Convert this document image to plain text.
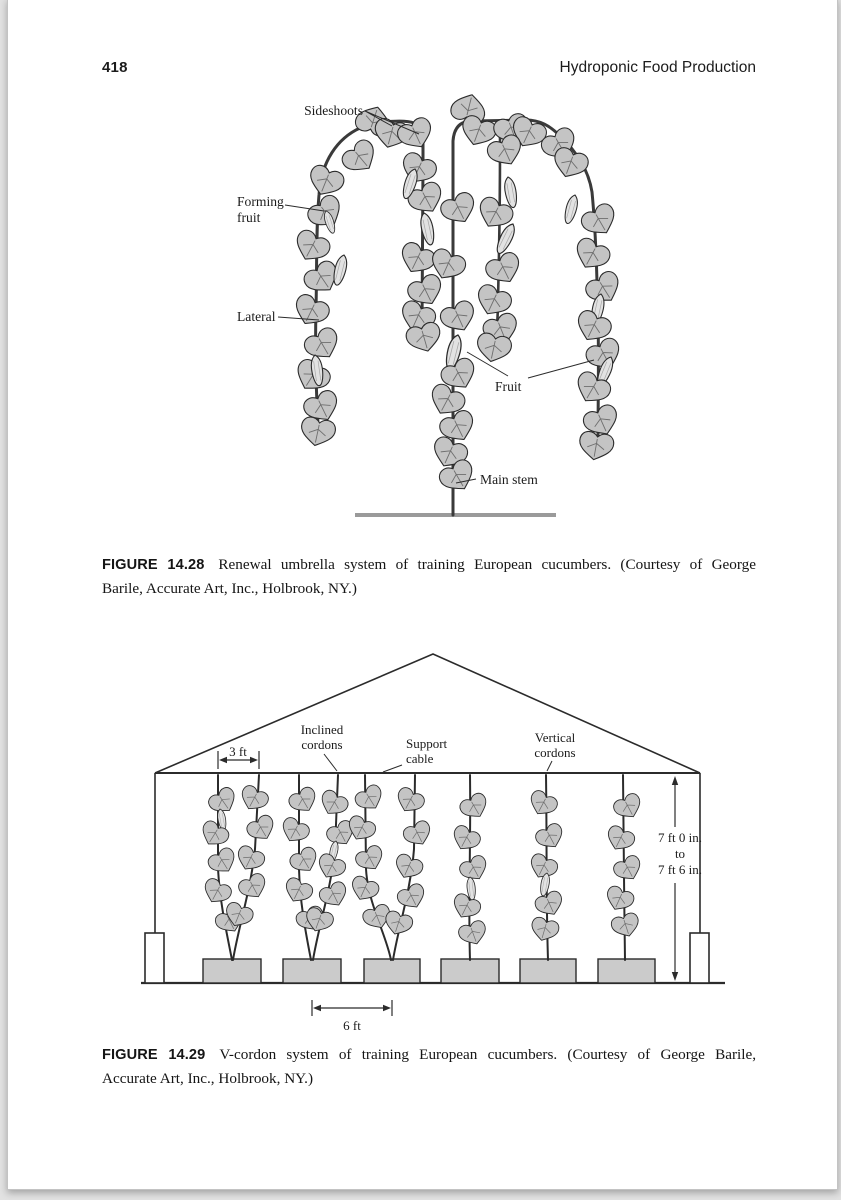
418	Hydroponic Food Production
Sideshoots
Forming
fruit
Lateral
Fruit
Main stem
FIGURE 14.28 Renewal umbrella system of training European cucumbers. (Courtesy of George
Barile, Accurate Art, Inc., Holbrook, NY.)
3 ft
Inclined
cordons	Support
cable
Vertical
cordons
7 ft 0 in.
to
7 ft 6 in.
6 ft
FIGURE 14.29 V-cordon system of training European cucumbers. (Courtesy of George Barile,
Accurate Art, Inc., Holbrook, NY.)
